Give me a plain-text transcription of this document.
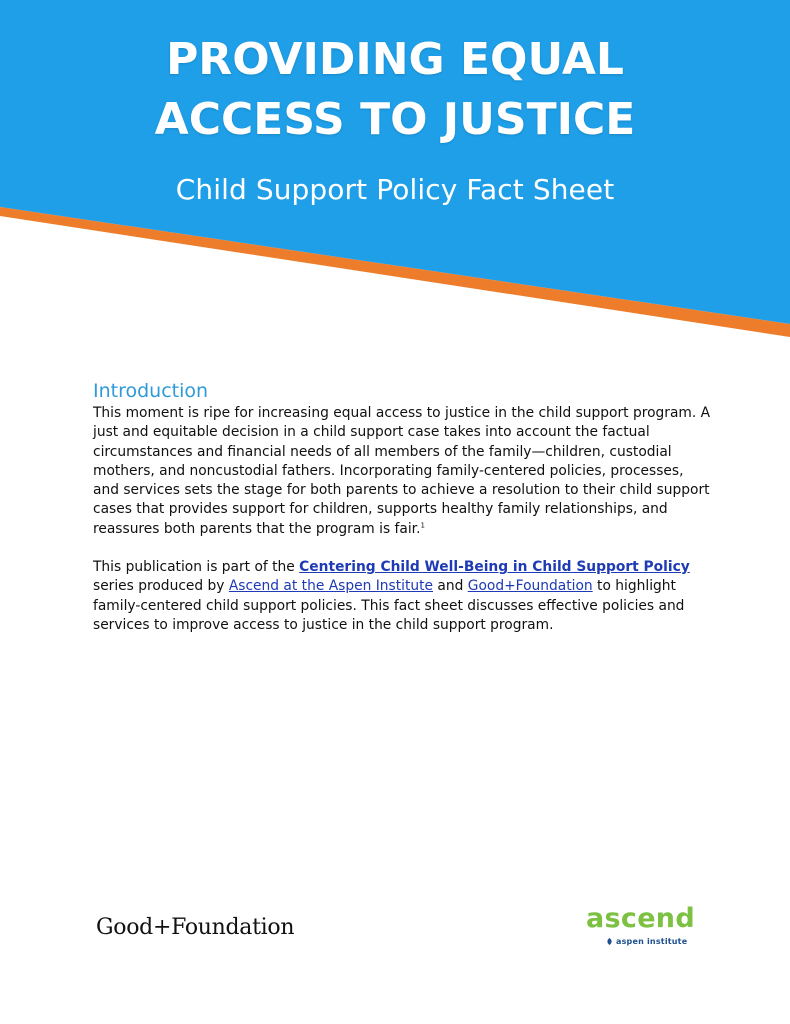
PROVIDING EQUAL
ACCESS TO JUSTICE
Child Support Policy Fact Sheet
Introduction

This moment is ripe for increasing equal access to justice in the child support program. A just and equitable decision in a child support case takes into account the factual circumstances and financial needs of all members of the family—children, custodial mothers, and noncustodial fathers. Incorporating family-centered policies, processes, and services sets the stage for both parents to achieve a resolution to their child support cases that provides support for children, supports healthy family relationships, and reassures both parents that the program is fair.$^1$

This publication is part of the Centering Child Well-Being in Child Support Policy series produced by Ascend at the Aspen Institute and Good+Foundation to highlight family-centered child support policies. This fact sheet discusses effective policies and services to improve access to justice in the child support program.

Good+Foundation	ascend
aspen institute
